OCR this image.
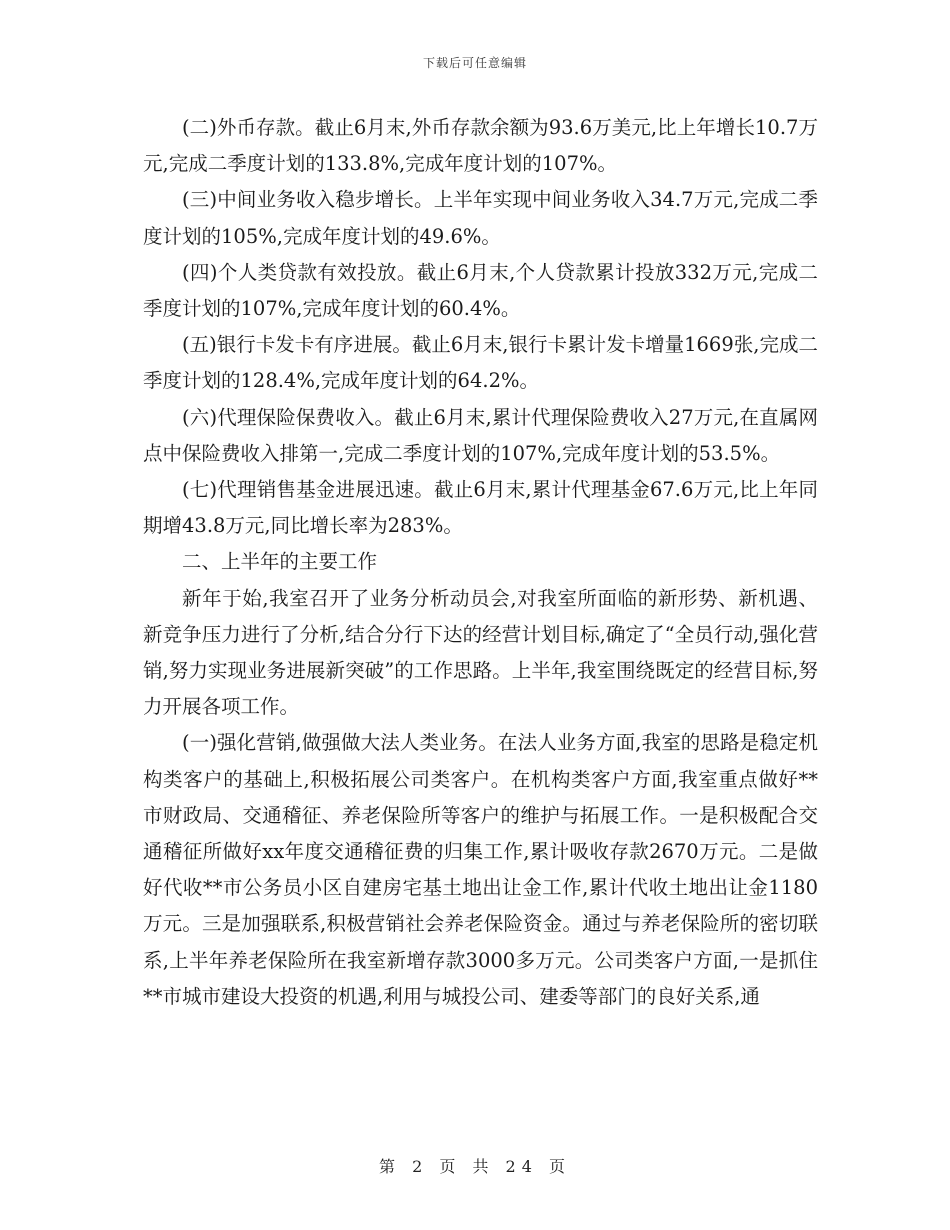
下载后可任意编辑

(二)外币存款。截止6月末,外币存款余额为93.6万美元,比上年增长10.7万元,完成二季度计划的133.8%,完成年度计划的107%。

(三)中间业务收入稳步增长。上半年实现中间业务收入34.7万元,完成二季度计划的105%,完成年度计划的49.6%。

(四)个人类贷款有效投放。截止6月末,个人贷款累计投放332万元,完成二季度计划的107%,完成年度计划的60.4%。

(五)银行卡发卡有序进展。截止6月末,银行卡累计发卡增量1669张,完成二季度计划的128.4%,完成年度计划的64.2%。

(六)代理保险保费收入。截止6月末,累计代理保险费收入27万元,在直属网点中保险费收入排第一,完成二季度计划的107%,完成年度计划的53.5%。

(七)代理销售基金进展迅速。截止6月末,累计代理基金67.6万元,比上年同期增43.8万元,同比增长率为283%。

二、上半年的主要工作

新年于始,我室召开了业务分析动员会,对我室所面临的新形势、新机遇、新竞争压力进行了分析,结合分行下达的经营计划目标,确定了“全员行动,强化营销,努力实现业务进展新突破”的工作思路。上半年,我室围绕既定的经营目标,努力开展各项工作。

(一)强化营销,做强做大法人类业务。在法人业务方面,我室的思路是稳定机构类客户的基础上,积极拓展公司类客户。在机构类客户方面,我室重点做好**市财政局、交通稽征、养老保险所等客户的维护与拓展工作。一是积极配合交通稽征所做好xx年度交通稽征费的归集工作,累计吸收存款2670万元。二是做好代收**市公务员小区自建房宅基土地出让金工作,累计代收土地出让金1180万元。三是加强联系,积极营销社会养老保险资金。通过与养老保险所的密切联系,上半年养老保险所在我室新增存款3000多万元。公司类客户方面,一是抓住**市城市建设大投资的机遇,利用与城投公司、建委等部门的良好关系,通

第 2 页 共 24 页
